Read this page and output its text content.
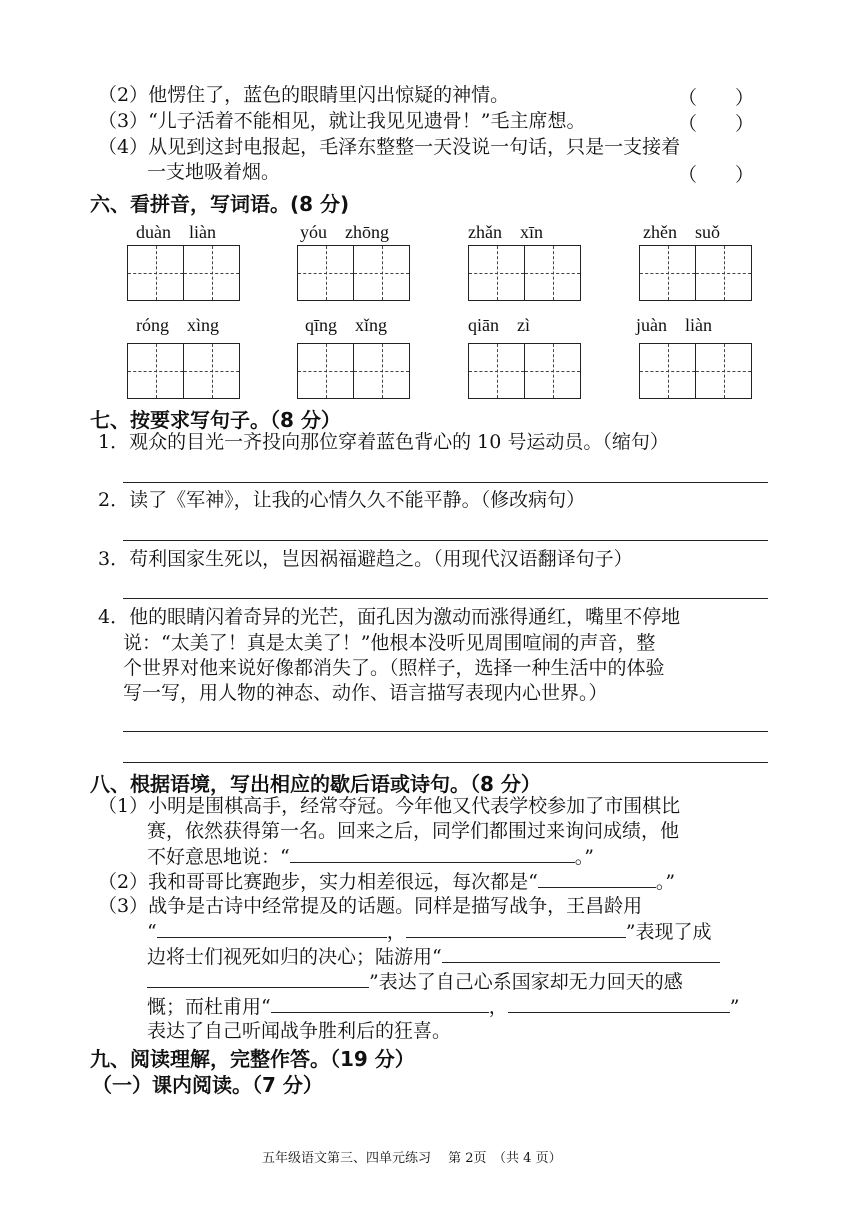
（2）他愣住了，蓝色的眼睛里闪出惊疑的神情。	（　　）
（3）“儿子活着不能相见，就让我见见遗骨！”毛主席想。	（　　）
（4）从见到这封电报起，毛泽东整整一天没说一句话，只是一支接着
一支地吸着烟。	（　　）
六、看拼音，写词语。(8 分)
duàn　liàn	yóu　zhōng	zhǎn　xīn	zhěn　suǒ
róng　xìng	qīng　xǐng	qiān　zì	juàn　liàn
七、按要求写句子。（8 分）
1．观众的目光一齐投向那位穿着蓝色背心的 10 号运动员。（缩句）
2．读了《军神》，让我的心情久久不能平静。（修改病句）
3．苟利国家生死以，岂因祸福避趋之。（用现代汉语翻译句子）
4．他的眼睛闪着奇异的光芒，面孔因为激动而涨得通红，嘴里不停地
说：“太美了！真是太美了！”他根本没听见周围喧闹的声音，整
个世界对他来说好像都消失了。（照样子，选择一种生活中的体验
写一写，用人物的神态、动作、语言描写表现内心世界。）
八、根据语境，写出相应的歇后语或诗句。（8 分）
（1）小明是围棋高手，经常夺冠。今年他又代表学校参加了市围棋比
赛，依然获得第一名。回来之后，同学们都围过来询问成绩，他
不好意思地说：“	。”
（2）我和哥哥比赛跑步，实力相差很远，每次都是“	。”
（3）战争是古诗中经常提及的话题。同样是描写战争，王昌龄用
“	，	”表现了成
边将士们视死如归的决心；陆游用“
”表达了自己心系国家却无力回天的感
慨；而杜甫用“	，	”
表达了自己听闻战争胜利后的狂喜。
九、阅读理解，完整作答。（19 分）
（一）课内阅读。（7 分）
五年级语文第三、四单元练习　 第 2页　（共 4 页）
